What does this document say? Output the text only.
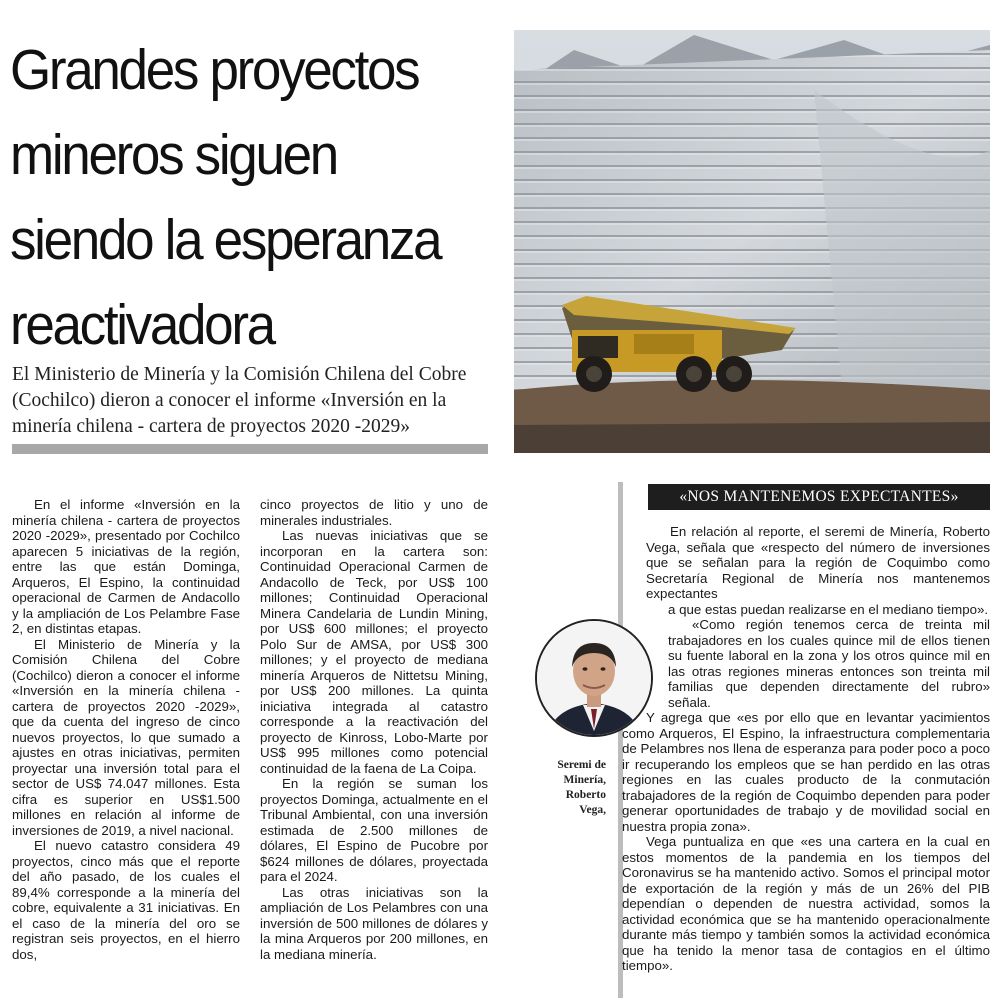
Grandes proyectos mineros siguen siendo la esperanza reactivadora

El Ministerio de Minería y la Comisión Chilena del Cobre (Cochilco) dieron a conocer el informe «Inversión en la minería chilena - cartera de proyectos 2020 -2029»

En el informe «Inversión en la minería chilena - cartera de proyectos 2020 -2029», presentado por Cochilco aparecen 5 iniciativas de la región, entre las que están Dominga, Arqueros, El Espino, la continuidad operacional de Carmen de Andacollo y la ampliación de Los Pelambre Fase 2, en distintas etapas.

El Ministerio de Minería y la Comisión Chilena del Cobre (Cochilco) dieron a conocer el informe «Inversión en la minería chilena - cartera de proyectos 2020 -2029», que da cuenta del ingreso de cinco nuevos proyectos, lo que sumado a ajustes en otras iniciativas, permiten proyectar una inversión total para el sector de US$ 74.047 millones. Esta cifra es superior en US$1.500 millones en relación al informe de inversiones de 2019, a nivel nacional.

El nuevo catastro considera 49 proyectos, cinco más que el reporte del año pasado, de los cuales el 89,4% corresponde a la minería del cobre, equivalente a 31 iniciativas. En el caso de la minería del oro se registran seis proyectos, en el hierro dos,

cinco proyectos de litio y uno de minerales industriales.

Las nuevas iniciativas que se incorporan en la cartera son: Continuidad Operacional Carmen de Andacollo de Teck, por US$ 100 millones; Continuidad Operacional Minera Candelaria de Lundin Mining, por US$ 600 millones; el proyecto Polo Sur de AMSA, por US$ 300 millones; y el proyecto de mediana minería Arqueros de Nittetsu Mining, por US$ 200 millones. La quinta iniciativa integrada al catastro corresponde a la reactivación del proyecto de Kinross, Lobo-Marte por US$ 995 millones como potencial continuidad de la faena de La Coipa.

En la región se suman los proyectos Dominga, actualmente en el Tribunal Ambiental, con una inversión estimada de 2.500 millones de dólares, El Espino de Pucobre por $624 millones de dólares, proyectada para el 2024.

Las otras iniciativas son la ampliación de Los Pelambres con una inversión de 500 millones de dólares y la mina Arqueros por 200 millones, en la mediana minería.

«NOS MANTENEMOS EXPECTANTES»
Seremi de
Minería,
Roberto
Vega,

En relación al reporte, el seremi de Minería, Roberto Vega, señala que «respecto del número de inversiones que se señalan para la región de Coquimbo como Secretaría Regional de Minería nos mantenemos expectantes

a que estas puedan realizarse en el mediano tiempo».

«Como región tenemos cerca de treinta mil trabajadores en los cuales quince mil de ellos tienen su fuente laboral en la zona y los otros quince mil en las otras regiones mineras entonces son treinta mil familias que dependen directamente del rubro» señala.

Y agrega que «es por ello que en levantar yacimientos como Arqueros, El Espino, la infraestructura complementaria de Pelambres nos llena de esperanza para poder poco a poco ir recuperando los empleos que se han perdido en las otras regiones en las cuales producto de la conmutación trabajadores de la región de Coquimbo dependen para poder generar oportunidades de trabajo y de movilidad social en nuestra propia zona».

Vega puntualiza en que «es una cartera en la cual en estos momentos de la pandemia en los tiempos del Coronavirus se ha mantenido activo. Somos el principal motor de exportación de la región y más de un 26% del PIB dependían o dependen de nuestra actividad, somos la actividad económica que se ha mantenido operacionalmente durante más tiempo y también somos la actividad económica que ha tenido la menor tasa de contagios en el último tiempo».
